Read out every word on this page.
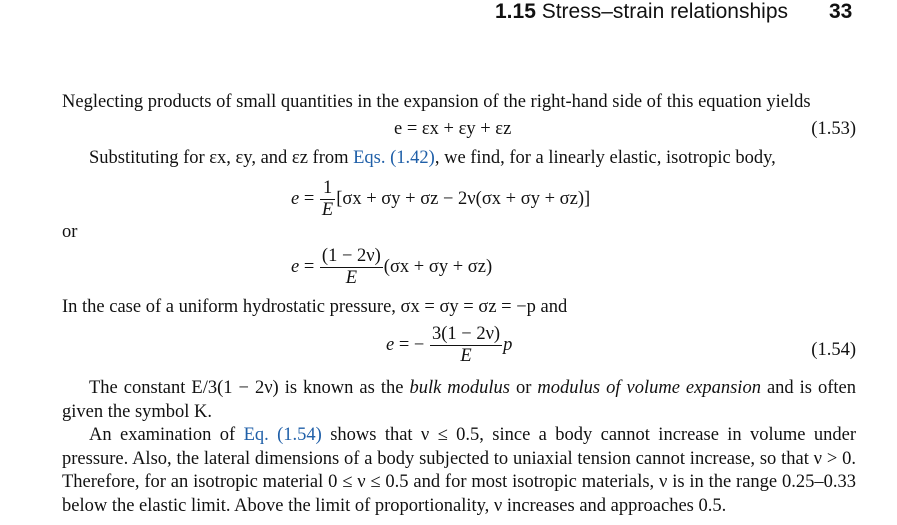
1.15 Stress–strain relationships 33
Neglecting products of small quantities in the expansion of the right-hand side of this equation yields
e = εx + εy + εz	(1.53)
Substituting for εx, εy, and εz from Eqs. (1.42), we find, for a linearly elastic, isotropic body,
$e = \frac{1}{E} [\sigma x + \sigma y + \sigma z - 2\nu(\sigma x + \sigma y + \sigma z)]$
or
$e = \frac{(1 - 2\nu)}{E} (\sigma x + \sigma y + \sigma z)$
In the case of a uniform hydrostatic pressure, σx = σy = σz = −p and
e = − $\frac{3(1 - 2\nu)}{E}$ p	(1.54)
The constant E/3(1 − 2ν) is known as the bulk modulus or modulus of volume expansion and is often given the symbol K.
An examination of Eq. (1.54) shows that ν ≤ 0.5, since a body cannot increase in volume under pressure. Also, the lateral dimensions of a body subjected to uniaxial tension cannot increase, so that ν > 0. Therefore, for an isotropic material 0 ≤ ν ≤ 0.5 and for most isotropic materials, ν is in the range 0.25–0.33 below the elastic limit. Above the limit of proportionality, ν increases and approaches 0.5.
